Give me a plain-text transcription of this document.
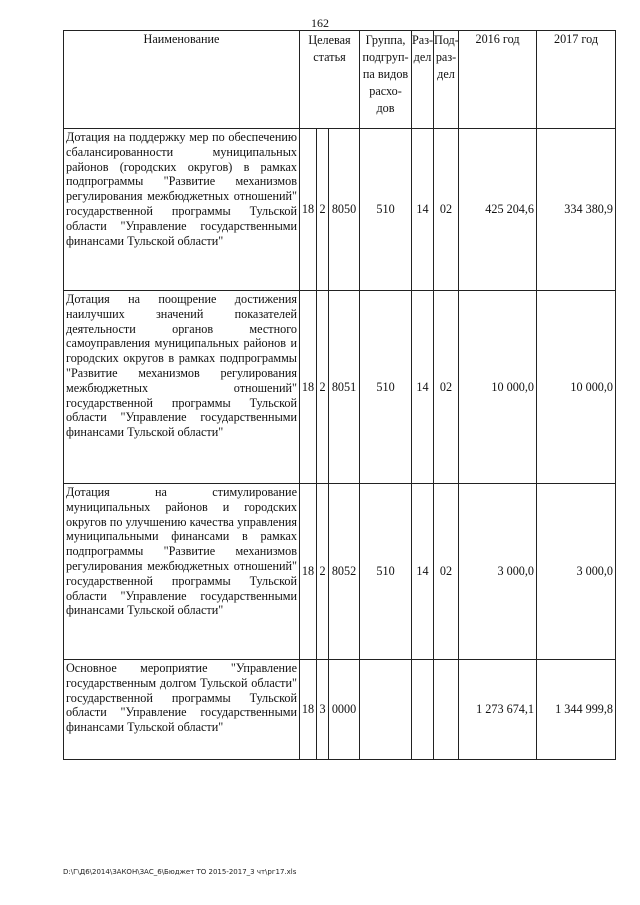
162
Наименование	Целевая статья			Группа, подгруп-па видов расхо-дов	Раз-дел	Под-раз-дел	2016 год	2017 год
Дотация на поддержку мер по обеспечению сбалансированности муниципальных районов (городских округов) в рамках подпрограммы "Развитие механизмов регулирования межбюджетных отношений" государственной программы Тульской области "Управление государственными финансами Тульской области"	18	2	8050	510	14	02	425 204,6	334 380,9
Дотация на поощрение достижения наилучших значений показателей деятельности органов местного самоуправления муниципальных районов и городских округов в рамках подпрограммы "Развитие механизмов регулирования межбюджетных отношений" государственной программы Тульской области "Управление государственными финансами Тульской области"	18	2	8051	510	14	02	10 000,0	10 000,0
Дотация на стимулирование муниципальных районов и городских округов по улучшению качества управления муниципальными финансами в рамках подпрограммы "Развитие механизмов регулирования межбюджетных отношений" государственной программы Тульской области "Управление государственными финансами Тульской области"	18	2	8052	510	14	02	3 000,0	3 000,0
Основное мероприятие "Управление государственным долгом Тульской области" государственной программы Тульской области "Управление государственными финансами Тульской области"	18	3	0000				1 273 674,1	1 344 999,8
D:\Г\Д6\2014\ЗАКОН\ЗАС_6\Бюджет ТО 2015-2017_3 чт\рг17.xls
